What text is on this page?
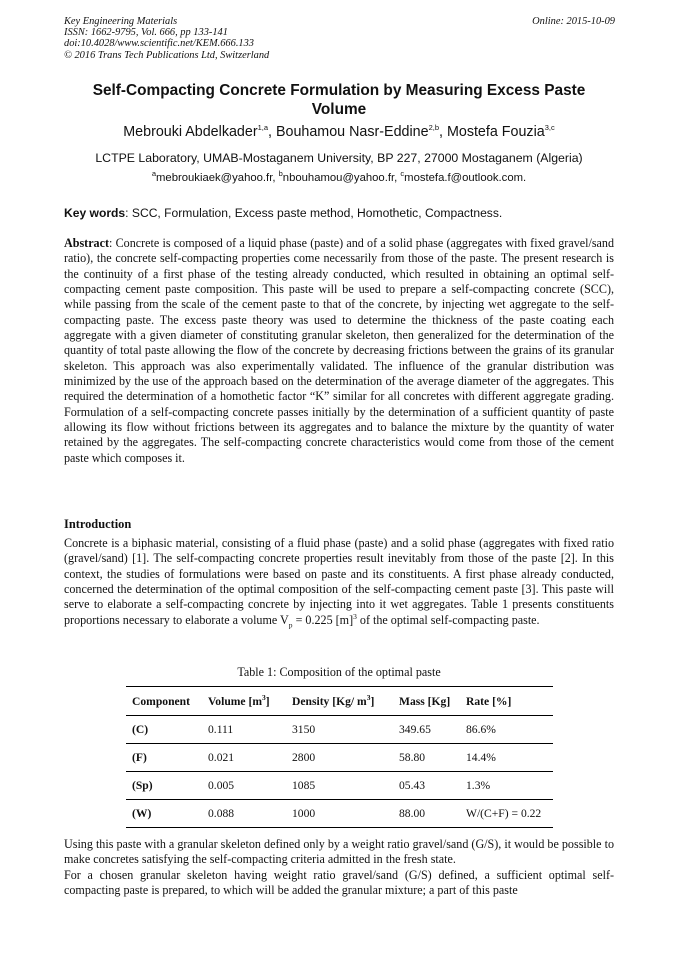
Key Engineering Materials
ISSN: 1662-9795, Vol. 666, pp 133-141
doi:10.4028/www.scientific.net/KEM.666.133
© 2016 Trans Tech Publications Ltd, Switzerland
Online: 2015-10-09
Self-Compacting Concrete Formulation by Measuring Excess Paste Volume
Mebrouki Abdelkader$^{1,a}$, Bouhamou Nasr-Eddine$^{2,b}$, Mostefa Fouzia$^{3,c}$
LCTPE Laboratory, UMAB-Mostaganem University, BP 227, 27000 Mostaganem (Algeria)
$^a$mebroukiaek@yahoo.fr, $^b$nbouhamou@yahoo.fr, $^c$mostefa.f@outlook.com.
Key words: SCC, Formulation, Excess paste method, Homothetic, Compactness.

Abstract: Concrete is composed of a liquid phase (paste) and of a solid phase (aggregates with fixed gravel/sand ratio), the concrete self-compacting properties come necessarily from those of the paste. The present research is the continuity of a first phase of the testing already conducted, which resulted in obtaining an optimal self-compacting cement paste composition. This paste will be used to prepare a self-compacting concrete (SCC), while passing from the scale of the cement paste to that of the concrete, by injecting wet aggregate to the self-compacting paste. The excess paste theory was used to determine the thickness of the paste coating each aggregate with a given diameter of constituting granular skeleton, then generalized for the determination of the quantity of total paste allowing the flow of the concrete by decreasing frictions between the grains of its granular skeleton. This approach was also experimentally validated. The influence of the granular distribution was minimized by the use of the approach based on the determination of the average diameter of the aggregates. This required the determination of a homothetic factor “K” similar for all concretes with different aggregate grading. Formulation of a self-compacting concrete passes initially by the determination of a sufficient quantity of paste allowing its flow without frictions between its aggregates and to balance the mixture by the quantity of water retained by the aggregates. The self-compacting concrete characteristics would come from those of the cement paste which composes it.

Introduction

Concrete is a biphasic material, consisting of a fluid phase (paste) and a solid phase (aggregates with fixed ratio (gravel/sand) [1]. The self-compacting concrete properties result inevitably from those of the paste [2]. In this context, the studies of formulations were based on paste and its constituents. A first phase already conducted, concerned the determination of the optimal composition of the self-compacting cement paste [3]. This paste will serve to elaborate a self-compacting concrete by injecting into it wet aggregates. Table 1 presents constituents proportions necessary to elaborate a volume $V_p = 0.225$ $[m]^3$ of the optimal self-compacting paste.

Table 1: Composition of the optimal paste
Component	Volume $[m^3]$	Density [Kg/ $m^3$]	Mass [Kg]	Rate [%]
(C)	0.111	3150	349.65	86.6%
(F)	0.021	2800	58.80	14.4%
(Sp)	0.005	1085	05.43	1.3%
(W)	0.088	1000	88.00	W/(C+F) = 0.22

Using this paste with a granular skeleton defined only by a weight ratio gravel/sand (G/S), it would be possible to make concretes satisfying the self-compacting criteria admitted in the fresh state.

For a chosen granular skeleton having weight ratio gravel/sand (G/S) defined, a sufficient optimal self-compacting paste is prepared, to which will be added the granular mixture; a part of this paste
